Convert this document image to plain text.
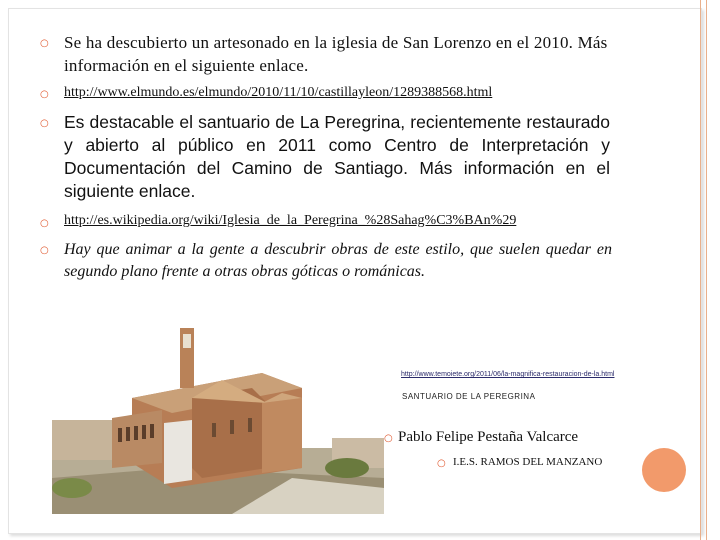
○
Se ha descubierto un artesonado en la iglesia de San Lorenzo en el 2010. Más información en el siguiente enlace.
○
http://www.elmundo.es/elmundo/2010/11/10/castillayleon/1289388568.html
○
Es destacable el santuario de La Peregrina, recientemente restaurado y abierto al público en 2011 como Centro de Interpretación y Documentación del Camino de Santiago. Más información en el siguiente enlace.
○
http://es.wikipedia.org/wiki/Iglesia_de_la_Peregrina_%28Sahag%C3%BAn%29
○
Hay que animar a la gente a descubrir obras de este estilo, que suelen quedar en segundo plano frente a otras obras góticas o románicas.
http://www.temoiete.org/2011/06/la-magnifica-restauracion-de-la.html
SANTUARIO DE LA PEREGRINA
○
Pablo Felipe Pestaña Valcarce
○
I.E.S. RAMOS DEL MANZANO
